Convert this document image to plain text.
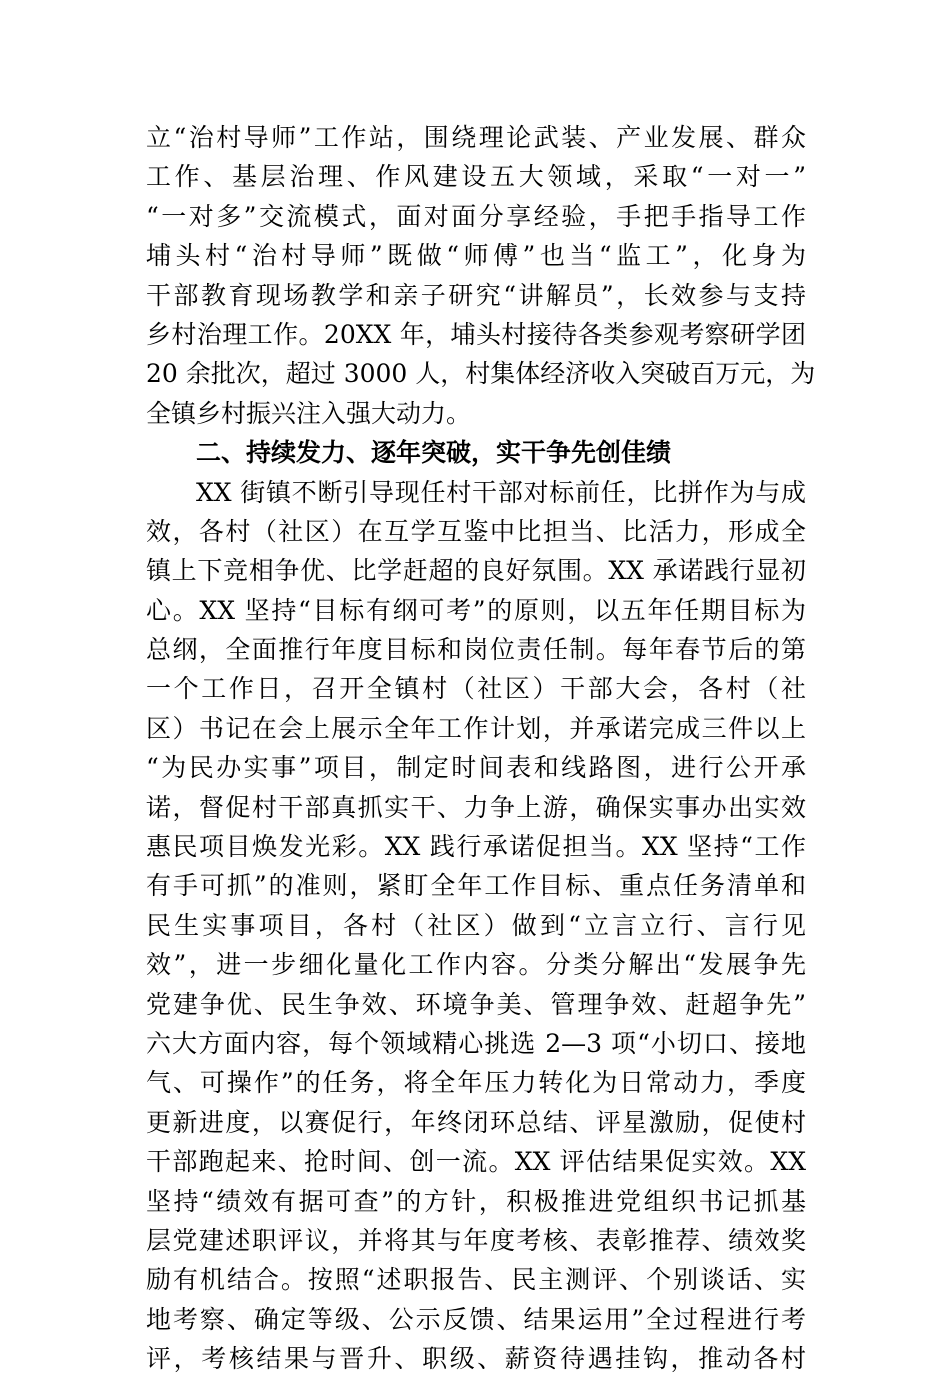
立“治村导师”工作站，围绕理论武装、产业发展、群众
工作、基层治理、作风建设五大领域，采取“一对一”
“一对多”交流模式，面对面分享经验，手把手指导工作
埔头村“治村导师”既做“师傅”也当“监工”，化身为
干部教育现场教学和亲子研究“讲解员”，长效参与支持
乡村治理工作。20XX 年，埔头村接待各类参观考察研学团
20 余批次，超过 3000 人，村集体经济收入突破百万元，为
全镇乡村振兴注入强大动力。
二、持续发力、逐年突破，实干争先创佳绩
XX 街镇不断引导现任村干部对标前任，比拼作为与成
效，各村（社区）在互学互鉴中比担当、比活力，形成全
镇上下竞相争优、比学赶超的良好氛围。XX 承诺践行显初
心。XX 坚持“目标有纲可考”的原则，以五年任期目标为
总纲，全面推行年度目标和岗位责任制。每年春节后的第
一个工作日，召开全镇村（社区）干部大会，各村（社
区）书记在会上展示全年工作计划，并承诺完成三件以上
“为民办实事”项目，制定时间表和线路图，进行公开承
诺，督促村干部真抓实干、力争上游，确保实事办出实效
惠民项目焕发光彩。XX 践行承诺促担当。XX 坚持“工作
有手可抓”的准则，紧盯全年工作目标、重点任务清单和
民生实事项目，各村（社区）做到“立言立行、言行见
效”，进一步细化量化工作内容。分类分解出“发展争先
党建争优、民生争效、环境争美、管理争效、赶超争先”
六大方面内容，每个领域精心挑选 2—3 项“小切口、接地
气、可操作”的任务，将全年压力转化为日常动力，季度
更新进度，以赛促行，年终闭环总结、评星激励，促使村
干部跑起来、抢时间、创一流。XX 评估结果促实效。XX
坚持“绩效有据可查”的方针，积极推进党组织书记抓基
层党建述职评议，并将其与年度考核、表彰推荐、绩效奖
励有机结合。按照“述职报告、民主测评、个别谈话、实
地考察、确定等级、公示反馈、结果运用”全过程进行考
评，考核结果与晋升、职级、薪资待遇挂钩，推动各村
